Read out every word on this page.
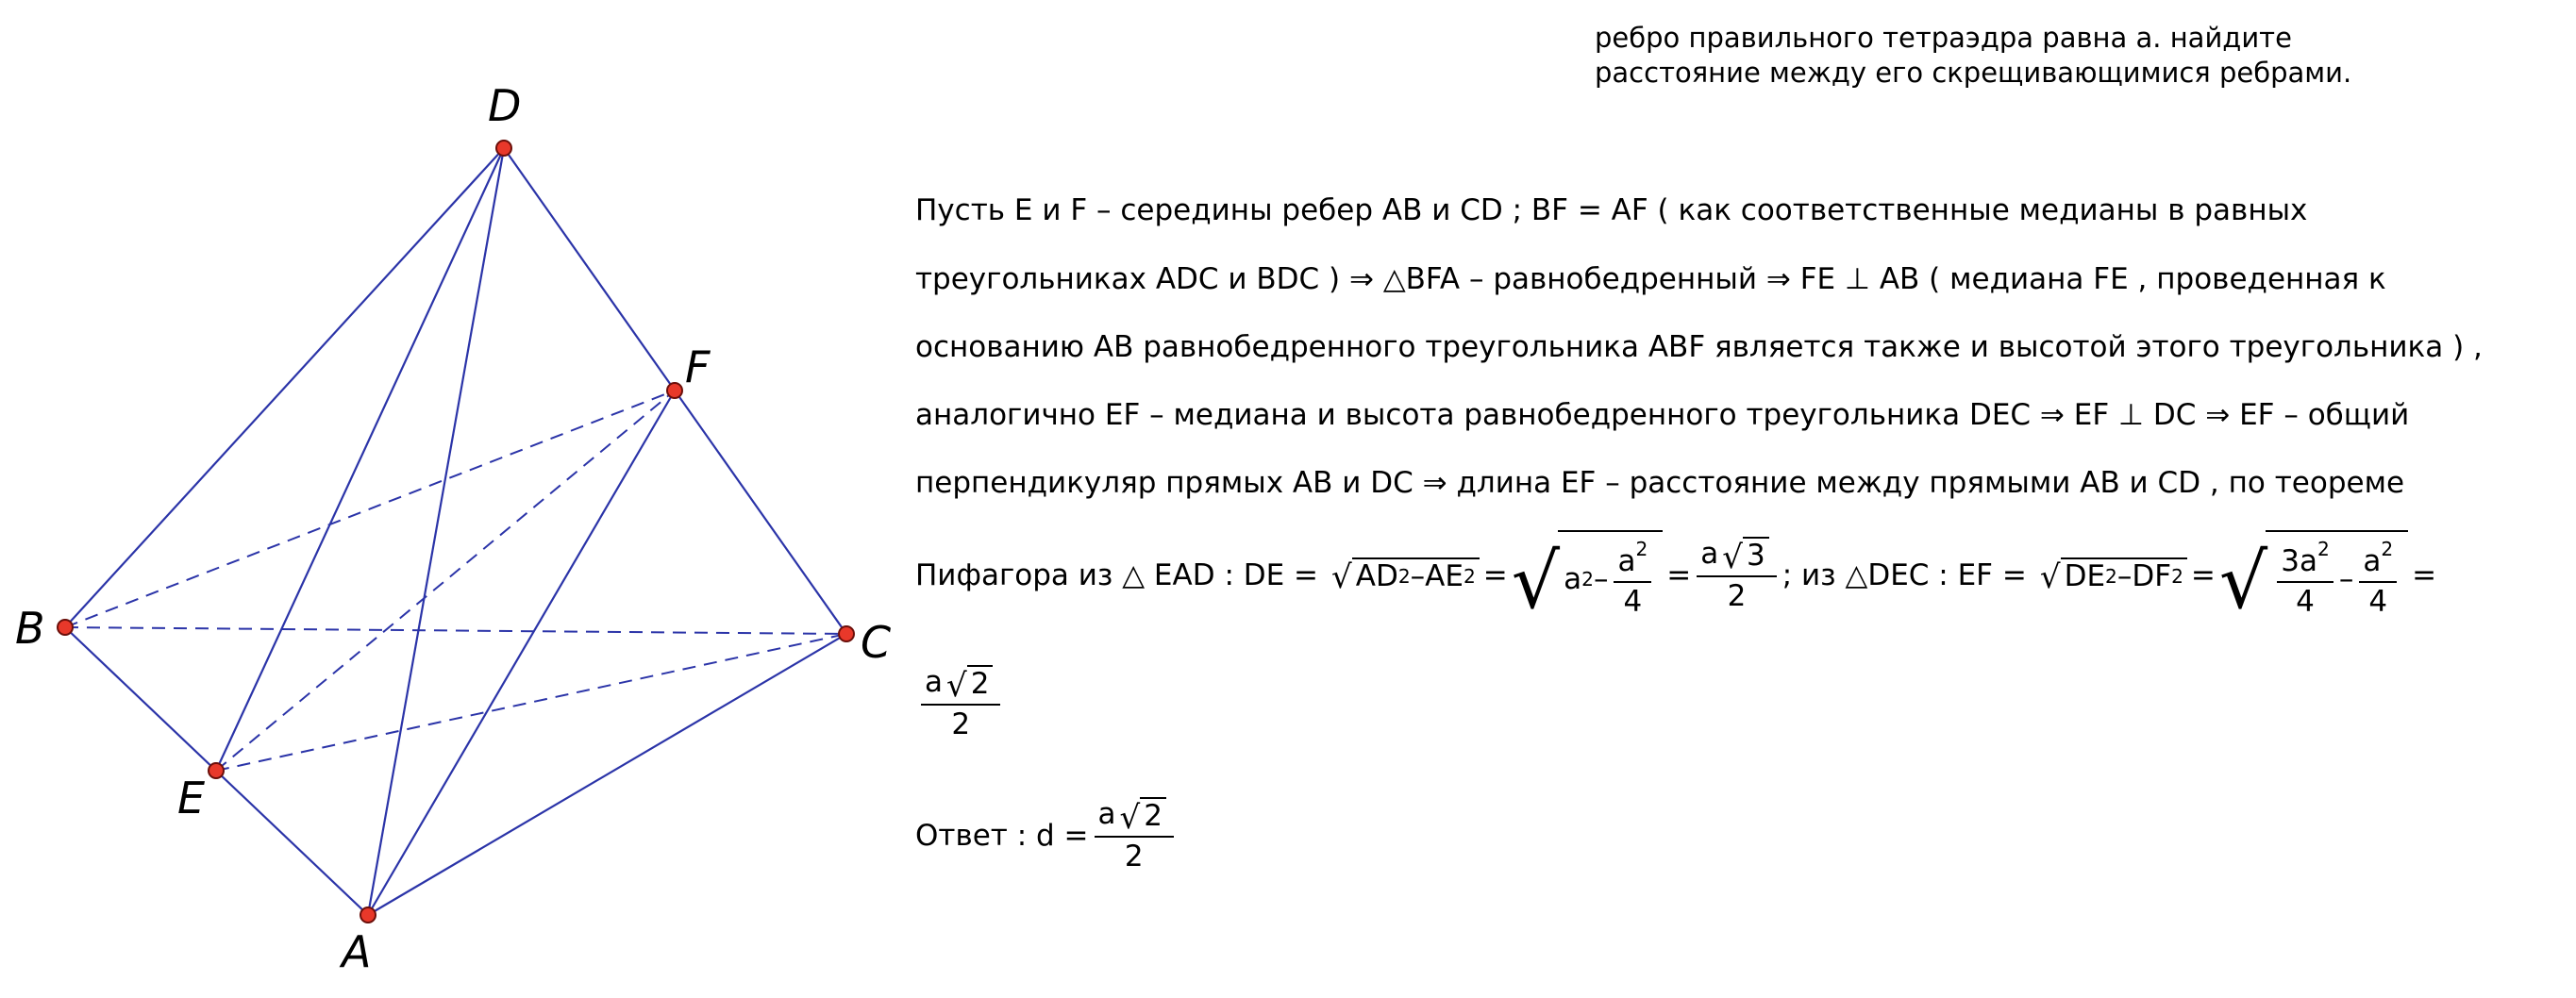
D
F
B	C
E
A
ребро правильного тетраэдра равна а. найдите
расстояние между его скрещивающимися ребрами.
Пусть E и F – середины ребер AB и CD ; BF = AF ( как соответственные медианы в равных
треугольниках ADC и BDC ) ⇒ △BFA – равнобедренный ⇒ FE ⊥ AB ( медиана FE , проведенная к
основанию AB равнобедренного треугольника ABF является также и высотой этого треугольника ) ,
аналогично EF – медиана и высота равнобедренного треугольника DEC ⇒ EF ⊥ DC ⇒ EF – общий
перпендикуляр прямых AB и DC ⇒ длина EF – расстояние между прямыми AB и CD , по теореме
Пифагора из △ EAD : DE = √ AD 2 –AE 2 = √ a $2 - \frac{a^2}{4} = \frac{a √ 3}{2}$ ; из △DEC : EF = √ DE 2 –DF 2 = √ $\frac{3a^2}{4} - \frac{a^2}{4}$ =
$\frac{a √ 2}{2}$
Ответ : $d = \frac{a √ 2}{2}$
